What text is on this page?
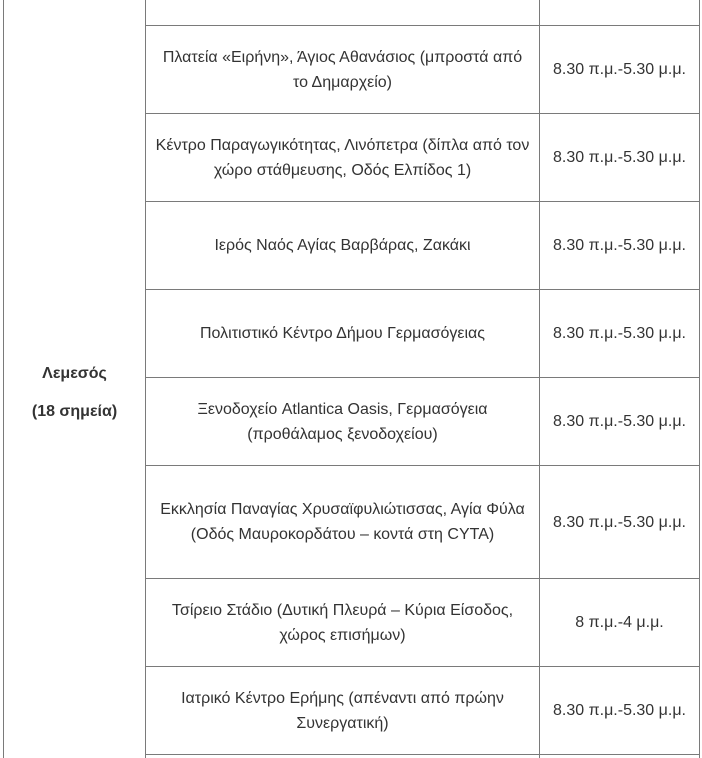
Λεμεσός
(18 σημεία)		

	Πλατεία «Ειρήνη», Άγιος Αθανάσιος (μπροστά από το Δημαρχείο)	8.30 π.μ.-5.30 μ.μ.
	Κέντρο Παραγωγικότητας, Λινόπετρα (δίπλα από τον χώρο στάθμευσης, Οδός Ελπίδος 1)	8.30 π.μ.-5.30 μ.μ.
	Ιερός Ναός Αγίας Βαρβάρας, Ζακάκι	8.30 π.μ.-5.30 μ.μ.
	Πολιτιστικό Κέντρο Δήμου Γερμασόγειας	8.30 π.μ.-5.30 μ.μ.
	Ξενοδοχείο Atlantica Oasis, Γερμασόγεια (προθάλαμος ξενοδοχείου)	8.30 π.μ.-5.30 μ.μ.
	Εκκλησία Παναγίας Χρυσαϊφυλιώτισσας, Αγία Φύλα (Οδός Μαυροκορδάτου – κοντά στη CYTA)	8.30 π.μ.-5.30 μ.μ.
	Τσίρειο Στάδιο (Δυτική Πλευρά – Κύρια Είσοδος, χώρος επισήμων)	8 π.μ.-4 μ.μ.
	Ιατρικό Κέντρο Ερήμης (απέναντι από πρώην Συνεργατική)	8.30 π.μ.-5.30 μ.μ.
